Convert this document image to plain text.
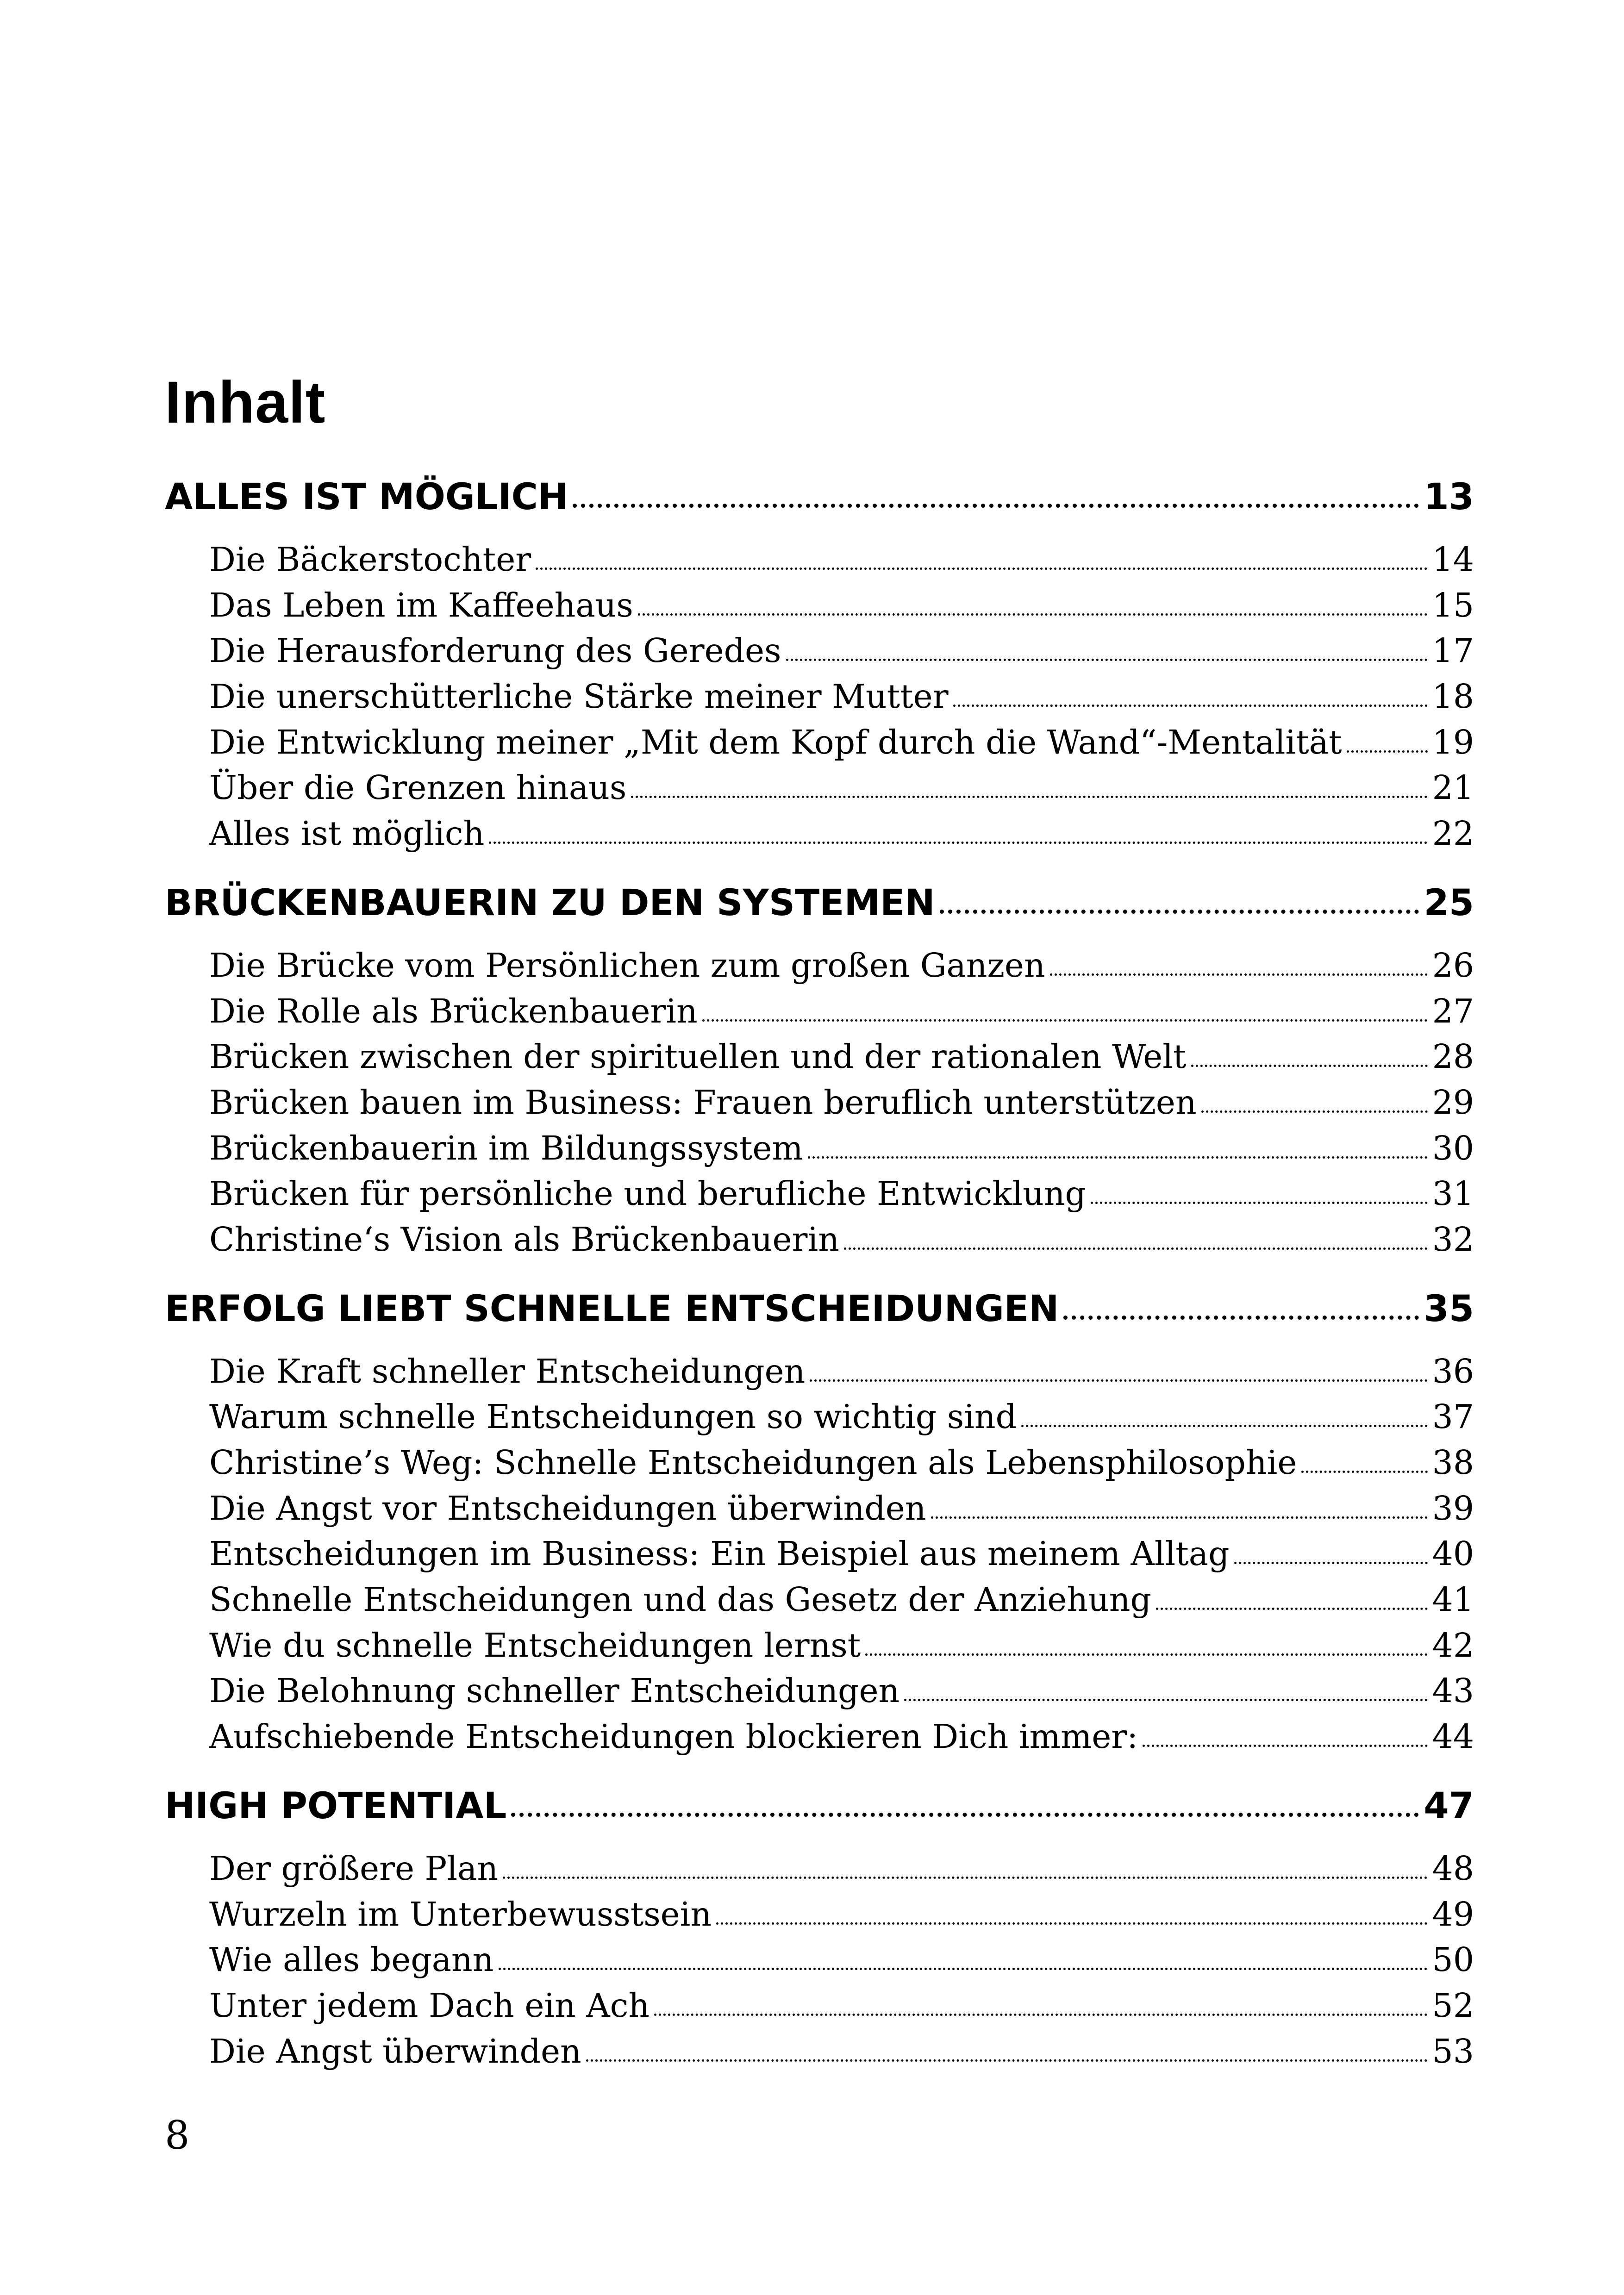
Inhalt
ALLES IST MÖGLICH	13
Die Bäckerstochter	14
Das Leben im Kaffeehaus	15
Die Herausforderung des Geredes	17
Die unerschütterliche Stärke meiner Mutter	18
Die Entwicklung meiner „Mit dem Kopf durch die Wand“-Mentalität	19
Über die Grenzen hinaus	21
Alles ist möglich	22
BRÜCKENBAUERIN ZU DEN SYSTEMEN	25
Die Brücke vom Persönlichen zum großen Ganzen	26
Die Rolle als Brückenbauerin	27
Brücken zwischen der spirituellen und der rationalen Welt	28
Brücken bauen im Business: Frauen beruflich unterstützen	29
Brückenbauerin im Bildungssystem	30
Brücken für persönliche und berufliche Entwicklung	31
Christine‘s Vision als Brückenbauerin	32
ERFOLG LIEBT SCHNELLE ENTSCHEIDUNGEN	35
Die Kraft schneller Entscheidungen	36
Warum schnelle Entscheidungen so wichtig sind	37
Christine’s Weg: Schnelle Entscheidungen als Lebensphilosophie	38
Die Angst vor Entscheidungen überwinden	39
Entscheidungen im Business: Ein Beispiel aus meinem Alltag	40
Schnelle Entscheidungen und das Gesetz der Anziehung	41
Wie du schnelle Entscheidungen lernst	42
Die Belohnung schneller Entscheidungen	43
Aufschiebende Entscheidungen blockieren Dich immer:	44
HIGH POTENTIAL	47
Der größere Plan	48
Wurzeln im Unterbewusstsein	49
Wie alles begann	50
Unter jedem Dach ein Ach	52
Die Angst überwinden	53
8
